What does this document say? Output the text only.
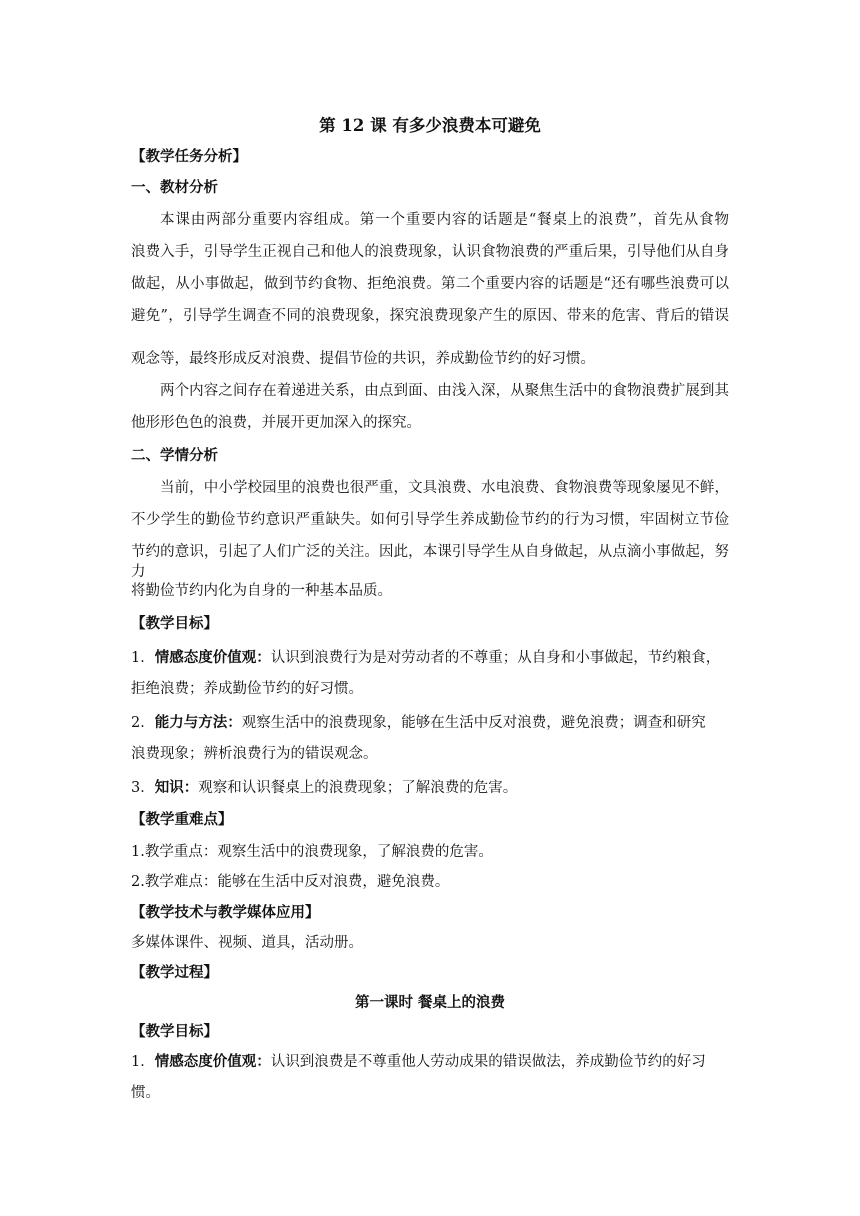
第 12 课 有多少浪费本可避免
【教学任务分析】
一、教材分析
本课由两部分重要内容组成。第一个重要内容的话题是“餐桌上的浪费”，首先从食物
浪费入手，引导学生正视自己和他人的浪费现象，认识食物浪费的严重后果，引导他们从自身
做起，从小事做起，做到节约食物、拒绝浪费。第二个重要内容的话题是“还有哪些浪费可以
避免”，引导学生调查不同的浪费现象，探究浪费现象产生的原因、带来的危害、背后的错误
观念等，最终形成反对浪费、提倡节俭的共识，养成勤俭节约的好习惯。
两个内容之间存在着递进关系，由点到面、由浅入深，从聚焦生活中的食物浪费扩展到其
他形形色色的浪费，并展开更加深入的探究。
二、学情分析
当前，中小学校园里的浪费也很严重，文具浪费、水电浪费、食物浪费等现象屡见不鲜，
不少学生的勤俭节约意识严重缺失。如何引导学生养成勤俭节约的行为习惯，牢固树立节俭
节约的意识，引起了人们广泛的关注。因此，本课引导学生从自身做起，从点滴小事做起，努力
将勤俭节约内化为自身的一种基本品质。
【教学目标】
1．情感态度价值观：认识到浪费行为是对劳动者的不尊重；从自身和小事做起，节约粮食，
拒绝浪费；养成勤俭节约的好习惯。
2．能力与方法：观察生活中的浪费现象，能够在生活中反对浪费，避免浪费；调查和研究
浪费现象；辨析浪费行为的错误观念。
3．知识：观察和认识餐桌上的浪费现象；了解浪费的危害。
【教学重难点】
1.教学重点：观察生活中的浪费现象，了解浪费的危害。
2.教学难点：能够在生活中反对浪费，避免浪费。
【教学技术与教学媒体应用】
多媒体课件、视频、道具，活动册。
【教学过程】
第一课时 餐桌上的浪费
【教学目标】
1．情感态度价值观：认识到浪费是不尊重他人劳动成果的错误做法，养成勤俭节约的好习
惯。
